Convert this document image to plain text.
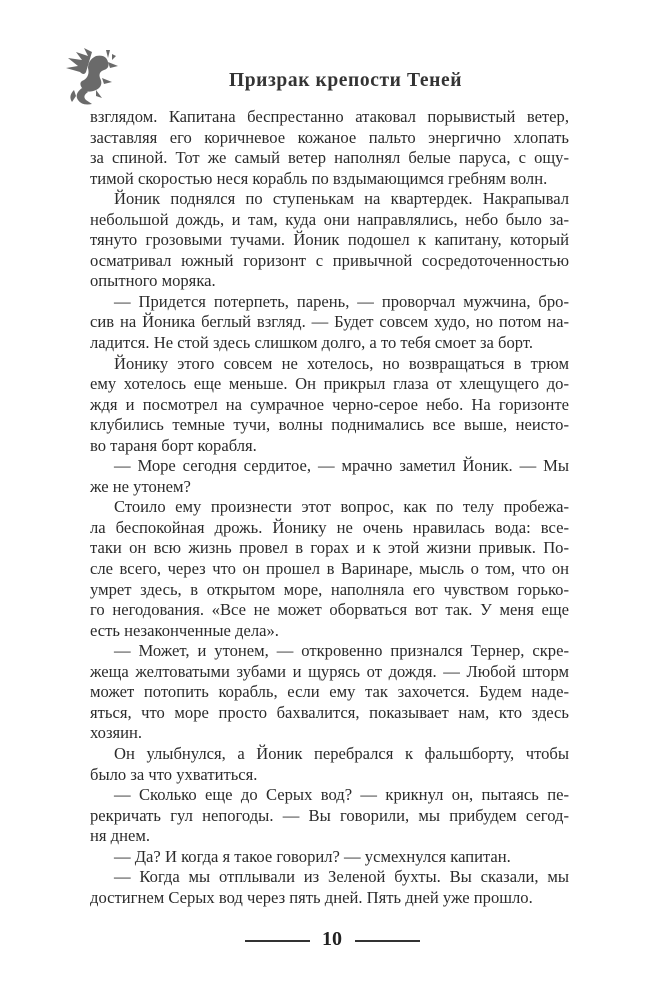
Призрак крепости Теней
взглядом. Капитана беспрестанно атаковал порывистый ветер,
заставляя его коричневое кожаное пальто энергично хлопать
за спиной. Тот же самый ветер наполнял белые паруса, с ощу-
тимой скоростью неся корабль по вздымающимся гребням волн.
Йоник поднялся по ступенькам на квартердек. Накрапывал
небольшой дождь, и там, куда они направлялись, небо было за-
тянуто грозовыми тучами. Йоник подошел к капитану, который
осматривал южный горизонт с привычной сосредоточенностью
опытного моряка.
— Придется потерпеть, парень, — проворчал мужчина, бро-
сив на Йоника беглый взгляд. — Будет совсем худо, но потом на-
ладится. Не стой здесь слишком долго, а то тебя смоет за борт.
Йонику этого совсем не хотелось, но возвращаться в трюм
ему хотелось еще меньше. Он прикрыл глаза от хлещущего до-
ждя и посмотрел на сумрачное черно-серое небо. На горизонте
клубились темные тучи, волны поднимались все выше, неисто-
во тараня борт корабля.
— Море сегодня сердитое, — мрачно заметил Йоник. — Мы
же не утонем?
Стоило ему произнести этот вопрос, как по телу пробежа-
ла беспокойная дрожь. Йонику не очень нравилась вода: все-
таки он всю жизнь провел в горах и к этой жизни привык. По-
сле всего, через что он прошел в Варинаре, мысль о том, что он
умрет здесь, в открытом море, наполняла его чувством горько-
го негодования. «Все не может оборваться вот так. У меня еще
есть незаконченные дела».
— Может, и утонем, — откровенно признался Тернер, скре-
жеща желтоватыми зубами и щурясь от дождя. — Любой шторм
может потопить корабль, если ему так захочется. Будем наде-
яться, что море просто бахвалится, показывает нам, кто здесь
хозяин.
Он улыбнулся, а Йоник перебрался к фальшборту, чтобы
было за что ухватиться.
— Сколько еще до Серых вод? — крикнул он, пытаясь пе-
рекричать гул непогоды. — Вы говорили, мы прибудем сегод-
ня днем.
— Да? И когда я такое говорил? — усмехнулся капитан.
— Когда мы отплывали из Зеленой бухты. Вы сказали, мы
достигнем Серых вод через пять дней. Пять дней уже прошло.
10
